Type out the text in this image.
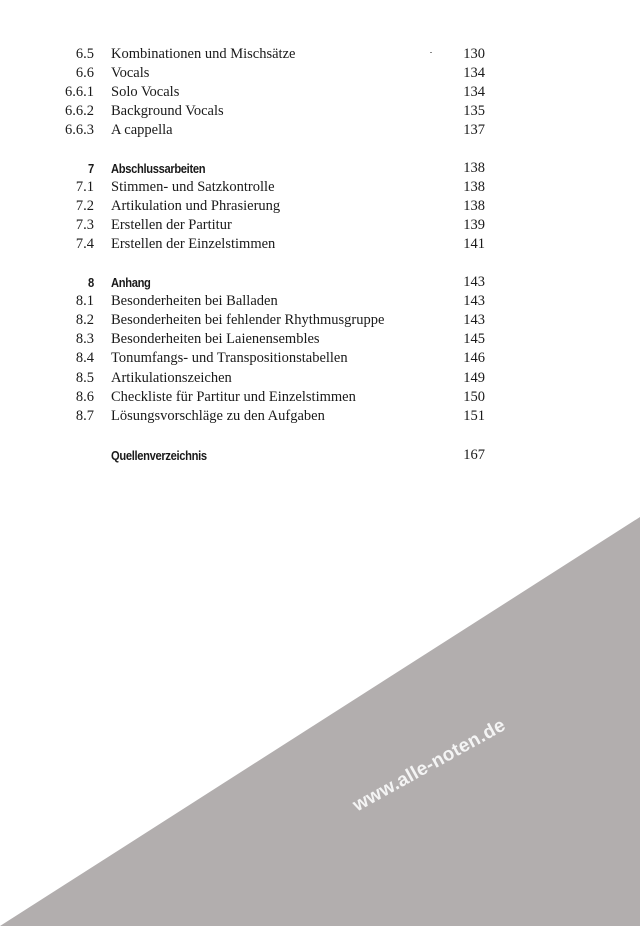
6.5 Kombinationen und Mischsätze	130
6.6 Vocals	134
6.6.1 Solo Vocals	134
6.6.2 Background Vocals	135
6.6.3 A cappella	137
7 Abschlussarbeiten	138
7.1 Stimmen- und Satzkontrolle	138
7.2 Artikulation und Phrasierung	138
7.3 Erstellen der Partitur	139
7.4 Erstellen der Einzelstimmen	141
8 Anhang	143
8.1 Besonderheiten bei Balladen	143
8.2 Besonderheiten bei fehlender Rhythmusgruppe	143
8.3 Besonderheiten bei Laienensembles	145
8.4 Tonumfangs- und Transpositionstabellen	146
8.5 Artikulationszeichen	149
8.6 Checkliste für Partitur und Einzelstimmen	150
8.7 Lösungsvorschläge zu den Aufgaben	151
Quellenverzeichnis	167
www.alle-noten.de
